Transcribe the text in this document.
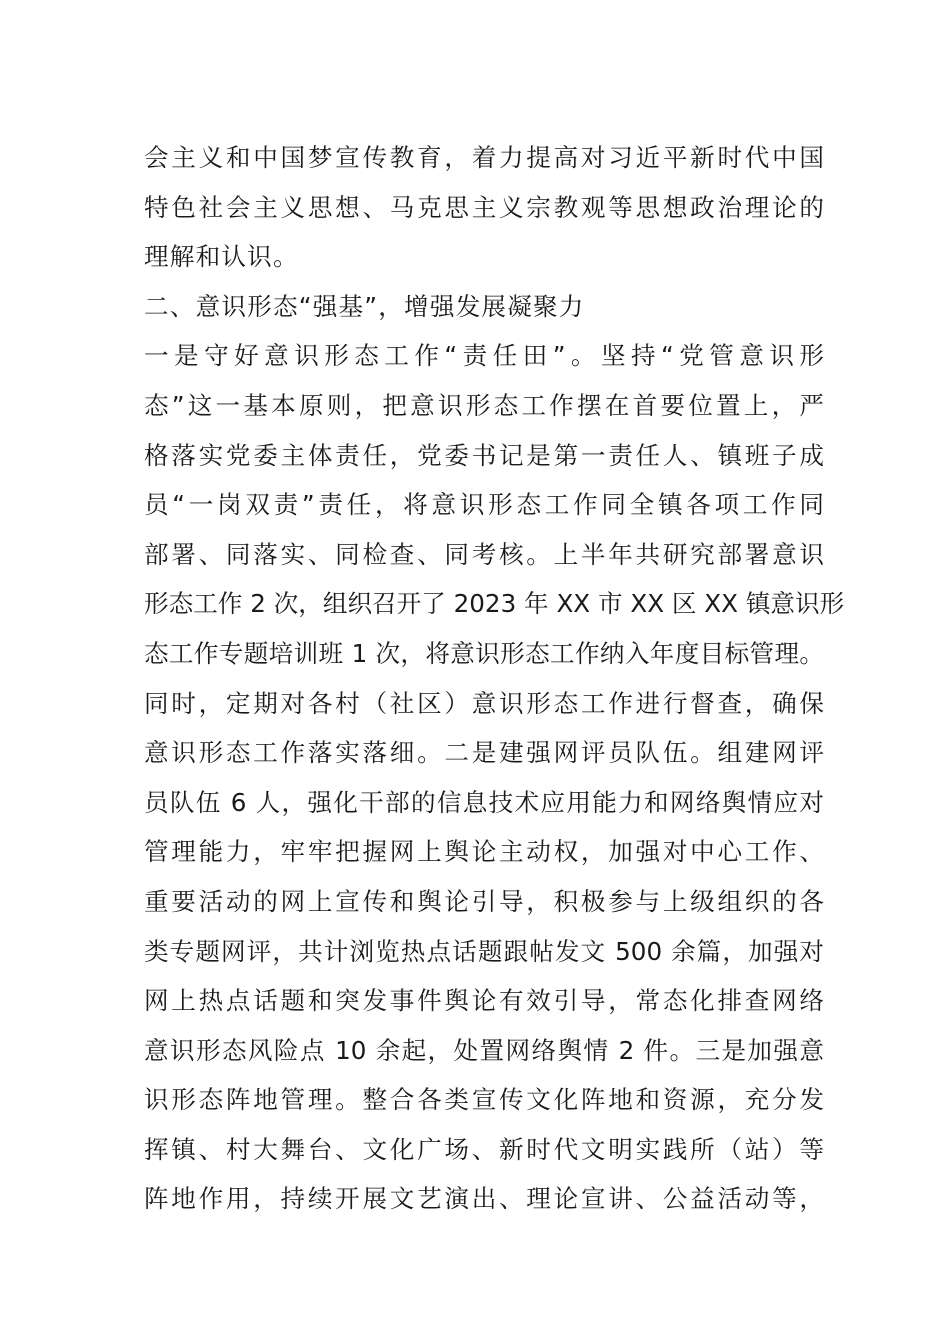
会主义和中国梦宣传教育，着力提高对习近平新时代中国
特色社会主义思想、马克思主义宗教观等思想政治理论的
理解和认识。
二、意识形态“强基”，增强发展凝聚力
一是守好意识形态工作“责任田”。坚持“党管意识形
态”这一基本原则，把意识形态工作摆在首要位置上，严
格落实党委主体责任，党委书记是第一责任人、镇班子成
员“一岗双责”责任，将意识形态工作同全镇各项工作同
部署、同落实、同检查、同考核。上半年共研究部署意识
形态工作 2 次，组织召开了 2023 年 XX 市 XX 区 XX 镇意识形
态工作专题培训班 1 次，将意识形态工作纳入年度目标管理。
同时，定期对各村（社区）意识形态工作进行督查，确保
意识形态工作落实落细。二是建强网评员队伍。组建网评
员队伍 6 人，强化干部的信息技术应用能力和网络舆情应对
管理能力，牢牢把握网上舆论主动权，加强对中心工作、
重要活动的网上宣传和舆论引导，积极参与上级组织的各
类专题网评，共计浏览热点话题跟帖发文 500 余篇，加强对
网上热点话题和突发事件舆论有效引导，常态化排查网络
意识形态风险点 10 余起，处置网络舆情 2 件。三是加强意
识形态阵地管理。整合各类宣传文化阵地和资源，充分发
挥镇、村大舞台、文化广场、新时代文明实践所（站）等
阵地作用，持续开展文艺演出、理论宣讲、公益活动等，
